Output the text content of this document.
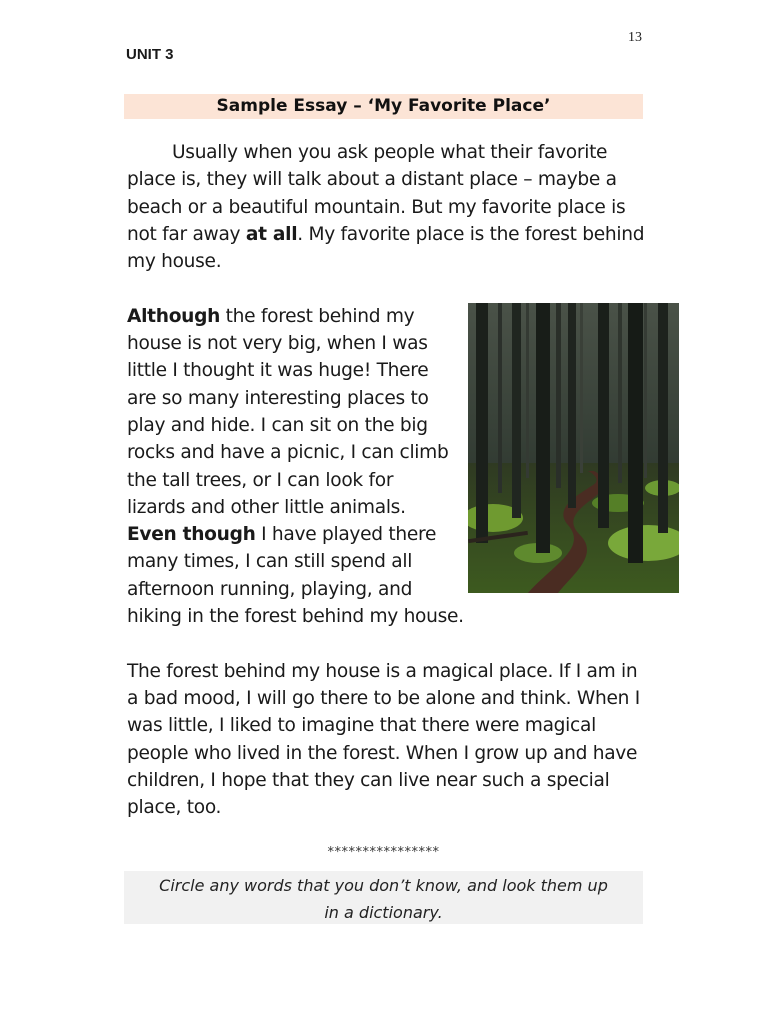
13
UNIT 3
Sample Essay – ‘My Favorite Place’

Usually when you ask people what their favorite place is, they will talk about a distant place – maybe a beach or a beautiful mountain. But my favorite place is not far away at all. My favorite place is the forest behind my house.

Although the forest behind my house is not very big, when I was little I thought it was huge! There are so many interesting places to play and hide. I can sit on the big rocks and have a picnic, I can climb the tall trees, or I can look for lizards and other little animals. Even though I have played there many times, I can still spend all afternoon running, playing, and hiking in the forest behind my house.

The forest behind my house is a magical place. If I am in a bad mood, I will go there to be alone and think. When I was little, I liked to imagine that there were magical people who lived in the forest. When I grow up and have children, I hope that they can live near such a special place, too.

****************
Circle any words that you don’t know, and look them up in a dictionary.
